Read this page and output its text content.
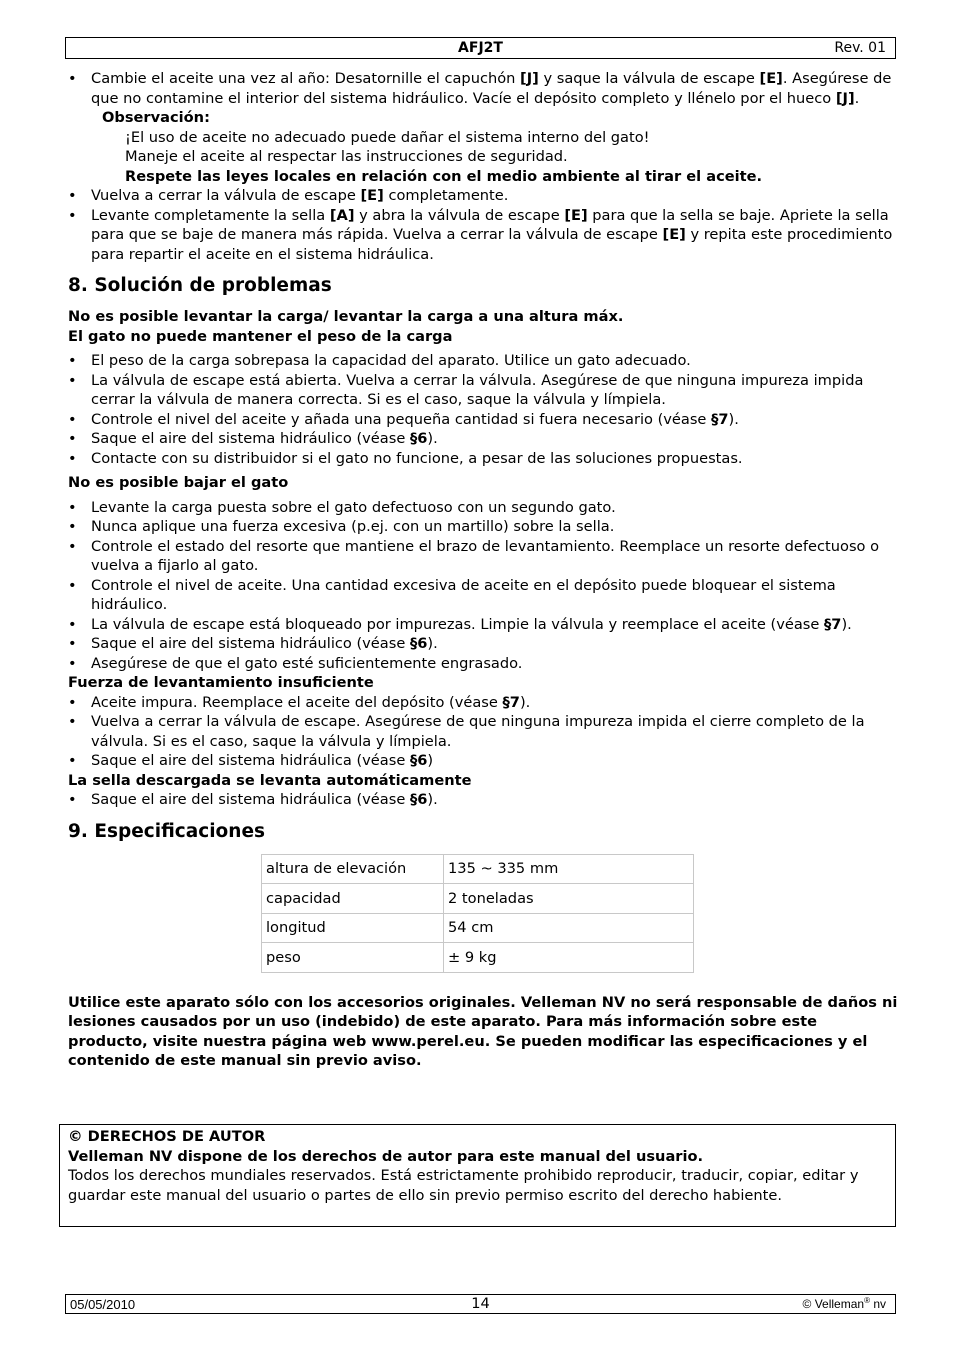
AFJ2T	Rev. 01
• Cambie el aceite una vez al año: Desatornille el capuchón [J] y saque la válvula de escape [E]. Asegúrese de que no contamine el interior del sistema hidráulico. Vacíe el depósito completo y llénelo por el hueco [J].
Observación:
¡El uso de aceite no adecuado puede dañar el sistema interno del gato!
Maneje el aceite al respectar las instrucciones de seguridad.
Respete las leyes locales en relación con el medio ambiente al tirar el aceite.
• Vuelva a cerrar la válvula de escape [E] completamente.
• Levante completamente la sella [A] y abra la válvula de escape [E] para que la sella se baje. Apriete la sella para que se baje de manera más rápida. Vuelva a cerrar la válvula de escape [E] y repita este procedimiento para repartir el aceite en el sistema hidráulica.
8. Solución de problemas
No es posible levantar la carga/ levantar la carga a una altura máx.
El gato no puede mantener el peso de la carga
• El peso de la carga sobrepasa la capacidad del aparato. Utilice un gato adecuado.
• La válvula de escape está abierta. Vuelva a cerrar la válvula. Asegúrese de que ninguna impureza impida cerrar la válvula de manera correcta. Si es el caso, saque la válvula y límpiela.
• Controle el nivel del aceite y añada una pequeña cantidad si fuera necesario (véase §7).
• Saque el aire del sistema hidráulico (véase §6).
• Contacte con su distribuidor si el gato no funcione, a pesar de las soluciones propuestas.
No es posible bajar el gato
• Levante la carga puesta sobre el gato defectuoso con un segundo gato.
• Nunca aplique una fuerza excesiva (p.ej. con un martillo) sobre la sella.
• Controle el estado del resorte que mantiene el brazo de levantamiento. Reemplace un resorte defectuoso o vuelva a fijarlo al gato.
• Controle el nivel de aceite. Una cantidad excesiva de aceite en el depósito puede bloquear el sistema hidráulico.
• La válvula de escape está bloqueado por impurezas. Limpie la válvula y reemplace el aceite (véase §7).
• Saque el aire del sistema hidráulico (véase §6).
• Asegúrese de que el gato esté suficientemente engrasado.
Fuerza de levantamiento insuficiente
• Aceite impura. Reemplace el aceite del depósito (véase §7).
• Vuelva a cerrar la válvula de escape. Asegúrese de que ninguna impureza impida el cierre completo de la válvula. Si es el caso, saque la válvula y límpiela.
• Saque el aire del sistema hidráulica (véase §6)
La sella descargada se levanta automáticamente
• Saque el aire del sistema hidráulica (véase §6).
9. Especificaciones
altura de elevación	135 ~ 335 mm
capacidad	2 toneladas
longitud	54 cm
peso	± 9 kg
Utilice este aparato sólo con los accesorios originales. Velleman NV no será responsable de daños ni lesiones causados por un uso (indebido) de este aparato. Para más información sobre este producto, visite nuestra página web www.perel.eu. Se pueden modificar las especificaciones y el contenido de este manual sin previo aviso.
© DERECHOS DE AUTOR
Velleman NV dispone de los derechos de autor para este manual del usuario.
Todos los derechos mundiales reservados. Está estrictamente prohibido reproducir, traducir, copiar, editar y guardar este manual del usuario o partes de ello sin previo permiso escrito del derecho habiente.
05/05/2010	14	© Velleman® nv
